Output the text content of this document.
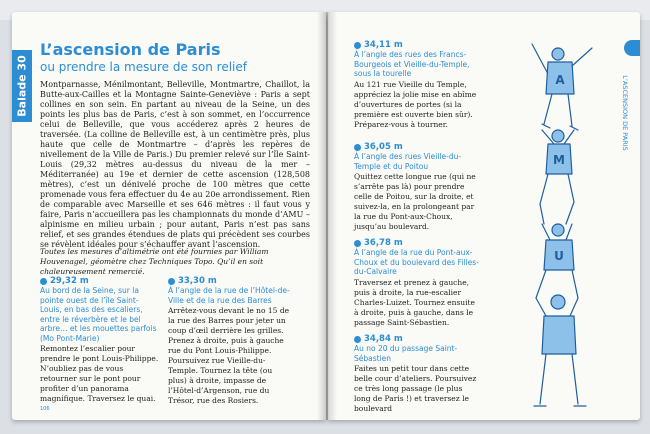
Balade 30
L’ascension de Paris
ou prendre la mesure de son relief
Montparnasse, Ménilmontant, Belleville, Montmartre, Chaillot, la Butte-aux-Cailles et la Montagne Sainte-Geneviève : Paris a sept collines en son sein. En partant au niveau de la Seine, un des points les plus bas de Paris, c’est à son sommet, en l’occurrence celui de Belleville, que vous accéderez après 2 heures de traversée. (La colline de Belleville est, à un centimètre près, plus haute que celle de Montmartre – d’après les repères de nivellement de la Ville de Paris.) Du premier relevé sur l’île Saint-Louis (29,32 mètres au-dessus du niveau de la mer – Méditerranée) au 19e et dernier de cette ascension (128,508 mètres), c’est un dénivelé proche de 100 mètres que cette promenade vous fera effectuer du 4e au 20e arrondissement. Rien de comparable avec Marseille et ses 646 mètres : il faut vous y faire, Paris n’accueillera pas les championnats du monde d’AMU – alpinisme en milieu urbain ; pour autant, Paris n’est pas sans relief, et ses grandes étendues de plats qui précèdent ses courbes se révèlent idéales pour s’échauffer avant l’ascension.
Toutes les mesures d’altimétrie ont été fournies par William Houvenagel, géomètre chez Techniques Topo. Qu’il en soit chaleureusement remercié.
29,32 m
Au bord de la Seine, sur la pointe ouest de l’île Saint-Louis, en bas des escaliers, entre le réverbère et le bel arbre… et les mouettes parfois (Mo Pont-Marie)
Remontez l’escalier pour prendre le pont Louis-Philippe. N’oubliez pas de vous retourner sur le pont pour profiter d’un panorama magnifique. Traversez le quai.
33,30 m
À l’angle de la rue de l’Hôtel-de-Ville et de la rue des Barres
Arrêtez-vous devant le no 15 de la rue des Barres pour jeter un coup d’œil derrière les grilles. Prenez à droite, puis à gauche rue du Pont Louis-Philippe. Poursuivez rue Vieille-du-Temple. Tournez la tête (ou plus) à droite, impasse de l’Hôtel-d’Argenson, rue du Trésor, rue des Rosiers.
106
L’ASCENSION DE PARIS
34,11 m
À l’angle des rues des Francs-Bourgeois et Vieille-du-Temple, sous la tourelle
Au 121 rue Vieille du Temple, appréciez la jolie mise en abîme d’ouvertures de portes (si la première est ouverte bien sûr). Préparez-vous à tourner.
36,05 m
À l’angle des rues Vieille-du-Temple et du Poitou
Quittez cette longue rue (qui ne s’arrête pas là) pour prendre celle de Poitou, sur la droite, et suivez-la, en la prolongeant par la rue du Pont-aux-Choux, jusqu’au boulevard.
36,78 m
À l’angle de la rue du Pont-aux-Choux et du boulevard des Filles-du-Calvaire
Traversez et prenez à gauche, puis à droite, la rue-escalier Charles-Luizet. Tournez ensuite à droite, puis à gauche, dans le passage Saint-Sébastien.
34,84 m
Au no 20 du passage Saint-Sébastien
Faites un petit tour dans cette belle cour d’ateliers. Poursuivez ce très long passage (le plus long de Paris !) et traversez le boulevard
A
M
U
